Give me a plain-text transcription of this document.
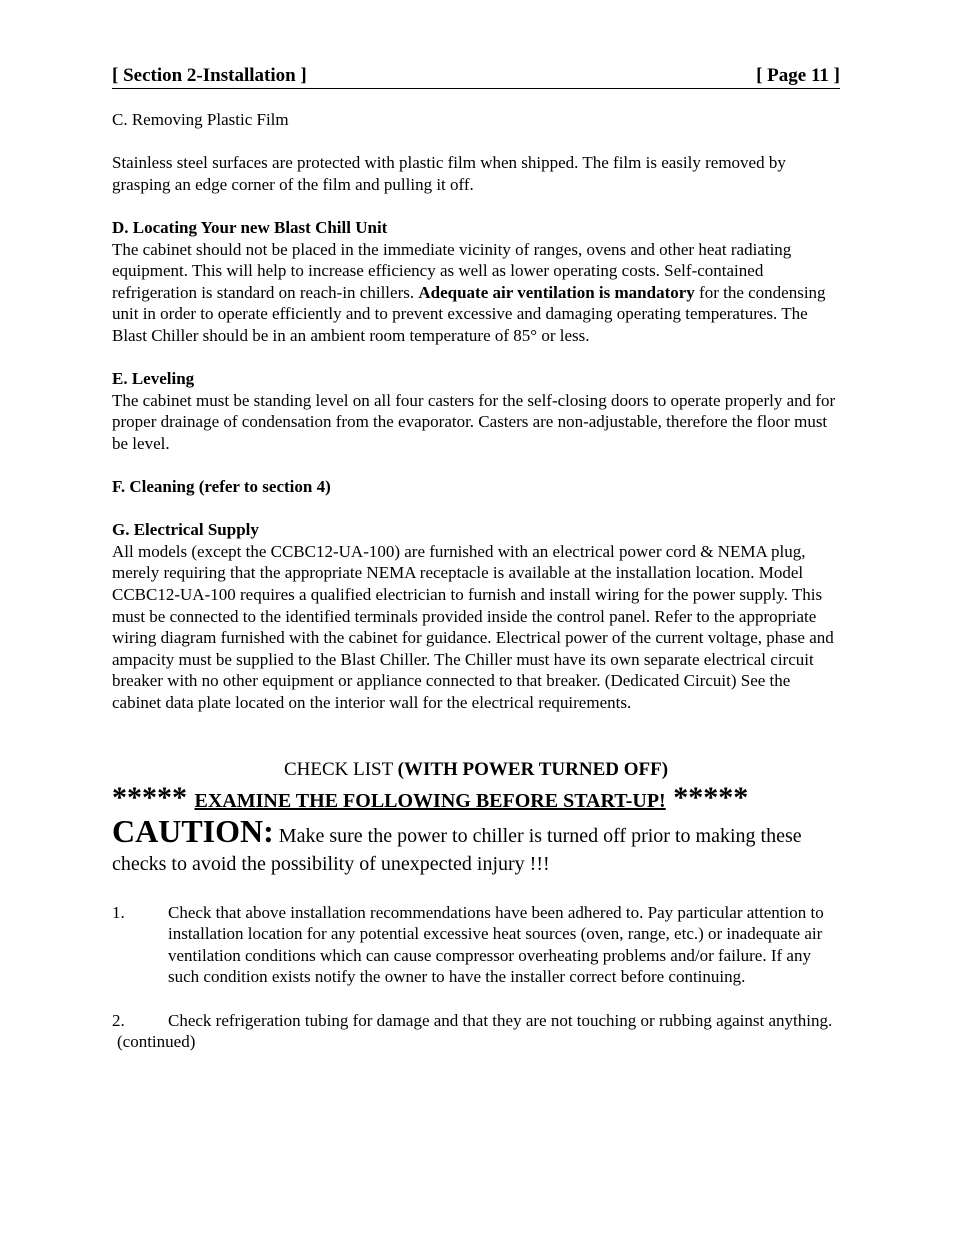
[ Section 2-Installation ]	[ Page 11 ]

C. Removing Plastic Film

Stainless steel surfaces are protected with plastic film when shipped. The film is easily removed by grasping an edge corner of the film and pulling it off.

D. Locating Your new Blast Chill Unit

The cabinet should not be placed in the immediate vicinity of ranges, ovens and other heat radiating equipment. This will help to increase efficiency as well as lower operating costs. Self-contained refrigeration is standard on reach-in chillers. Adequate air ventilation is mandatory for the condensing unit in order to operate efficiently and to prevent excessive and damaging operating temperatures. The Blast Chiller should be in an ambient room temperature of 85° or less.

E. Leveling

The cabinet must be standing level on all four casters for the self-closing doors to operate properly and for proper drainage of condensation from the evaporator. Casters are non-adjustable, therefore the floor must be level.

F. Cleaning (refer to section 4)

G. Electrical Supply

All models (except the CCBC12-UA-100) are furnished with an electrical power cord & NEMA plug, merely requiring that the appropriate NEMA receptacle is available at the installation location. Model CCBC12-UA-100 requires a qualified electrician to furnish and install wiring for the power supply. This must be connected to the identified terminals provided inside the control panel. Refer to the appropriate wiring diagram furnished with the cabinet for guidance. Electrical power of the current voltage, phase and ampacity must be supplied to the Blast Chiller. The Chiller must have its own separate electrical circuit breaker with no other equipment or appliance connected to that breaker. (Dedicated Circuit) See the cabinet data plate located on the interior wall for the electrical requirements.

CHECK LIST (WITH POWER TURNED OFF)

***** EXAMINE THE FOLLOWING BEFORE START-UP! *****

CAUTION: Make sure the power to chiller is turned off prior to making these checks to avoid the possibility of unexpected injury !!!

1.	Check that above installation recommendations have been adhered to. Pay particular attention to installation location for any potential excessive heat sources (oven, range, etc.) or inadequate air ventilation conditions which can cause compressor overheating problems and/or failure. If any such condition exists notify the owner to have the installer correct before continuing.
2.	Check refrigeration tubing for damage and that they are not touching or rubbing against anything.

(continued)
